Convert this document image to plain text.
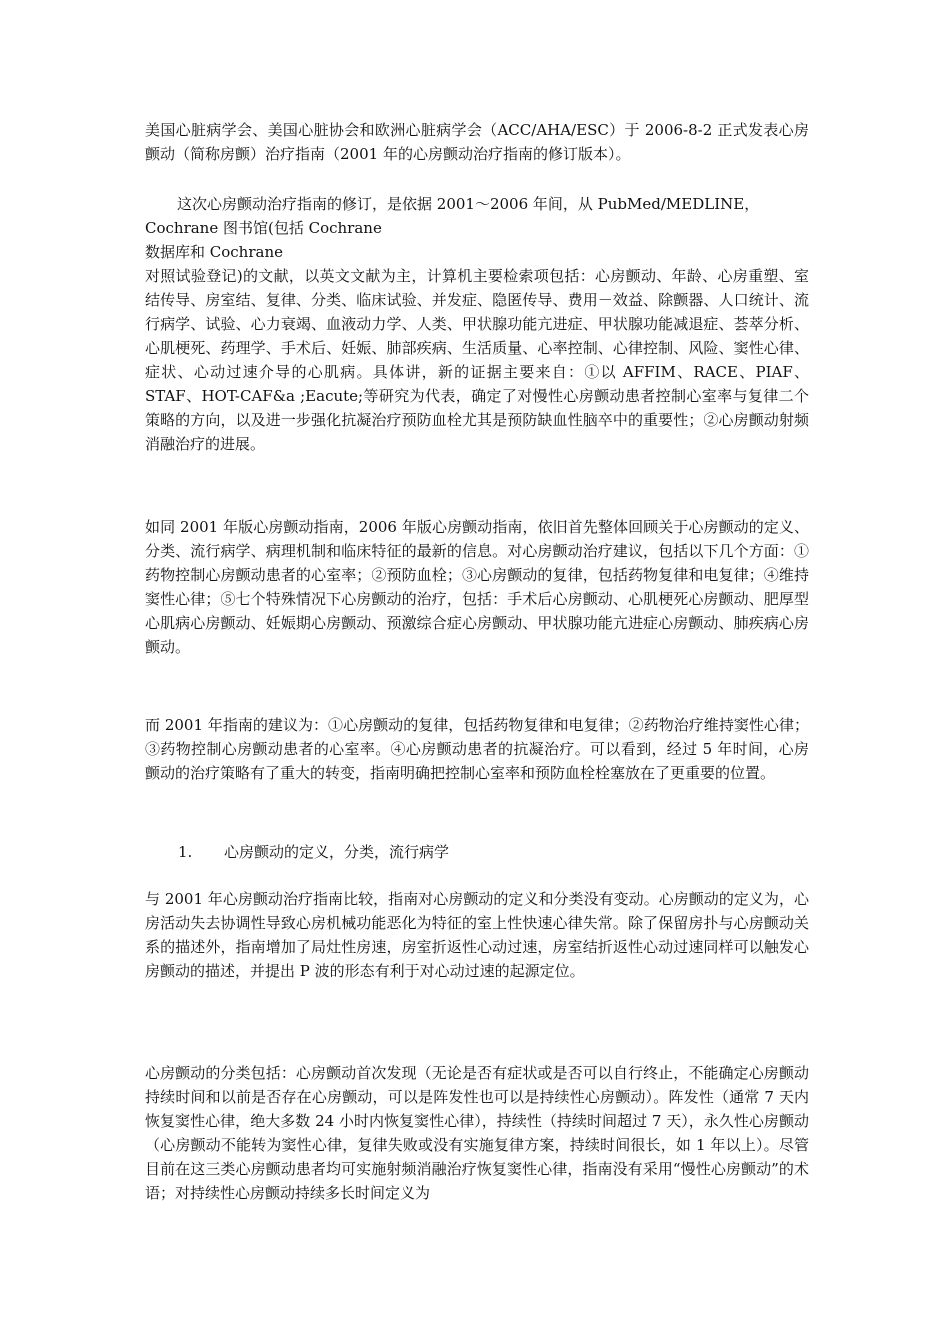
美国心脏病学会、美国心脏协会和欧洲心脏病学会（ACC/AHA/ESC）于 2006-8-2 正式发表心房颤动（简称房颤）治疗指南（2001 年的心房颤动治疗指南的修订版本）。

这次心房颤动治疗指南的修订，是依据 2001～2006 年间，从 PubMed/MEDLINE，
Cochrane 图书馆(包括 Cochrane
数据库和 Cochrane
对照试验登记)的文献，以英文文献为主，计算机主要检索项包括：心房颤动、年龄、心房重塑、室结传导、房室结、复律、分类、临床试验、并发症、隐匿传导、费用－效益、除颤器、人口统计、流行病学、试验、心力衰竭、血液动力学、人类、甲状腺功能亢进症、甲状腺功能减退症、荟萃分析、心肌梗死、药理学、手术后、妊娠、肺部疾病、生活质量、心率控制、心律控制、风险、窦性心律、症状、心动过速介导的心肌病。具体讲，新的证据主要来自：①以 AFFIM、RACE、PIAF、STAF、HOT-CAF&a ;Eacute;等研究为代表，确定了对慢性心房颤动患者控制心室率与复律二个策略的方向，以及进一步强化抗凝治疗预防血栓尤其是预防缺血性脑卒中的重要性；②心房颤动射频消融治疗的进展。

如同 2001 年版心房颤动指南，2006 年版心房颤动指南，依旧首先整体回顾关于心房颤动的定义、分类、流行病学、病理机制和临床特征的最新的信息。对心房颤动治疗建议，包括以下几个方面：①药物控制心房颤动患者的心室率；②预防血栓；③心房颤动的复律，包括药物复律和电复律；④维持窦性心律；⑤七个特殊情况下心房颤动的治疗，包括：手术后心房颤动、心肌梗死心房颤动、肥厚型心肌病心房颤动、妊娠期心房颤动、预激综合症心房颤动、甲状腺功能亢进症心房颤动、肺疾病心房颤动。

而 2001 年指南的建议为：①心房颤动的复律，包括药物复律和电复律；②药物治疗维持窦性心律；③药物控制心房颤动患者的心室率。④心房颤动患者的抗凝治疗。可以看到，经过 5 年时间，心房颤动的治疗策略有了重大的转变，指南明确把控制心室率和预防血栓栓塞放在了更重要的位置。

1. 心房颤动的定义，分类，流行病学

与 2001 年心房颤动治疗指南比较，指南对心房颤动的定义和分类没有变动。心房颤动的定义为，心房活动失去协调性导致心房机械功能恶化为特征的室上性快速心律失常。除了保留房扑与心房颤动关系的描述外，指南增加了局灶性房速，房室折返性心动过速，房室结折返性心动过速同样可以触发心房颤动的描述，并提出 P 波的形态有利于对心动过速的起源定位。

心房颤动的分类包括：心房颤动首次发现（无论是否有症状或是否可以自行终止，不能确定心房颤动持续时间和以前是否存在心房颤动，可以是阵发性也可以是持续性心房颤动）。阵发性（通常 7 天内恢复窦性心律，绝大多数 24 小时内恢复窦性心律），持续性（持续时间超过 7 天），永久性心房颤动（心房颤动不能转为窦性心律，复律失败或没有实施复律方案，持续时间很长，如 1 年以上）。尽管目前在这三类心房颤动患者均可实施射频消融治疗恢复窦性心律，指南没有采用“慢性心房颤动”的术语；对持续性心房颤动持续多长时间定义为
